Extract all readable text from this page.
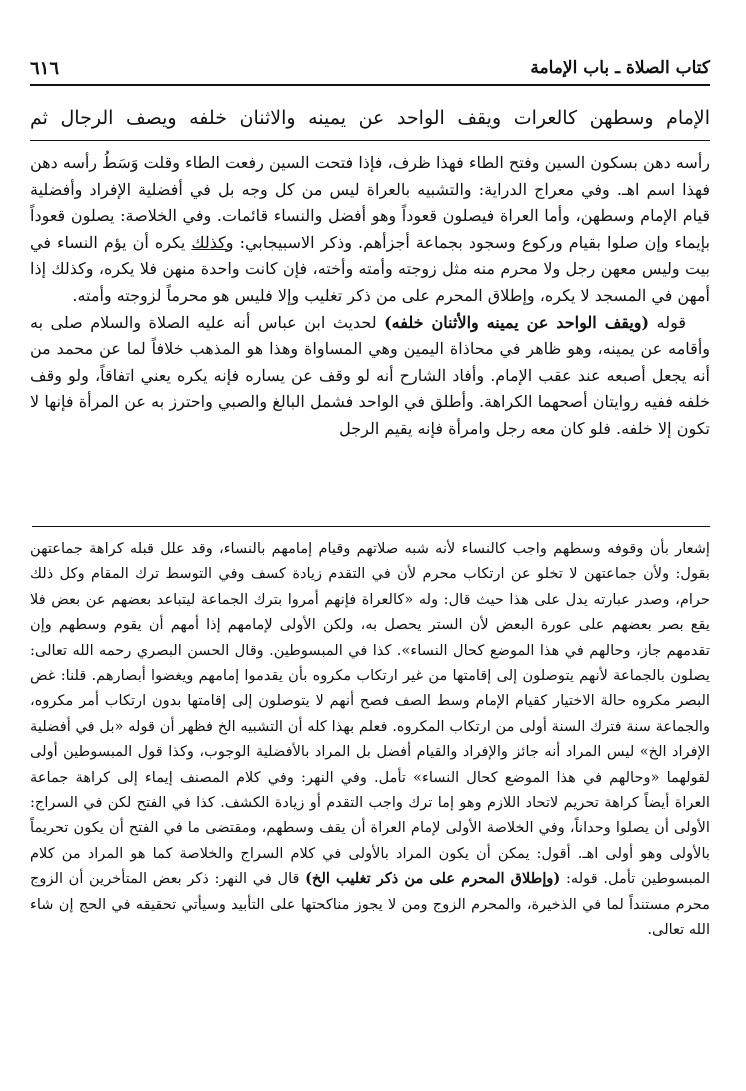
كتاب الصلاة ـ باب الإمامة
٦١٦
الإمام وسطهن كالعرات ويقف الواحد عن يمينه والاثنان خلفه ويصف الرجال ثم

رأسه دهن بسكون السين وفتح الطاء فهذا ظرف، فإذا فتحت السين رفعت الطاء وقلت وَسَطُ رأسه دهن فهذا اسم اهـ. وفي معراج الدراية: والتشبيه بالعراة ليس من كل وجه بل في أفضلية الإفراد وأفضلية قيام الإمام وسطهن، وأما العراة فيصلون قعوداً وهو أفضل والنساء قائمات. وفي الخلاصة: يصلون قعوداً بإيماء وإن صلوا بقيام وركوع وسجود بجماعة أجزأهم. وذكر الاسبيجابي: وكذلك يكره أن يؤم النساء في بيت وليس معهن رجل ولا محرم منه مثل زوجته وأمته وأخته، فإن كانت واحدة منهن فلا يكره، وكذلك إذا أمهن في المسجد لا يكره، وإطلاق المحرم على من ذكر تغليب وإلا فليس هو محرماً لزوجته وأمته.

قوله (ويقف الواحد عن يمينه والأثنان خلفه) لحديث ابن عباس أنه عليه الصلاة والسلام صلى به وأقامه عن يمينه، وهو ظاهر في محاذاة اليمين وهي المساواة وهذا هو المذهب خلافاً لما عن محمد من أنه يجعل أصبعه عند عقب الإمام. وأفاد الشارح أنه لو وقف عن يساره فإنه يكره يعني اتفاقاً، ولو وقف خلفه ففيه روايتان أصحهما الكراهة. وأطلق في الواحد فشمل البالغ والصبي واحترز به عن المرأة فإنها لا تكون إلا خلفه. فلو كان معه رجل وامرأة فإنه يقيم الرجل

إشعار بأن وقوفه وسطهم واجب كالنساء لأنه شبه صلاتهم وقيام إمامهم بالنساء، وقد علل قبله كراهة جماعتهن بقول: ولأن جماعتهن لا تخلو عن ارتكاب محرم لأن في التقدم زيادة كسف وفي التوسط ترك المقام وكل ذلك حرام، وصدر عبارته يدل على هذا حيث قال: وله «كالعراة فإنهم أمروا بترك الجماعة ليتباعد بعضهم عن بعض فلا يقع بصر بعضهم على عورة البعض لأن الستر يحصل به، ولكن الأولى لإمامهم إذا أمهم أن يقوم وسطهم وإن تقدمهم جاز، وحالهم في هذا الموضع كحال النساء». كذا في المبسوطين. وقال الحسن البصري رحمه الله تعالى: يصلون بالجماعة لأنهم يتوصلون إلى إقامتها من غير ارتكاب مكروه بأن يقدموا إمامهم ويغضوا أبصارهم. قلنا: غض البصر مكروه حالة الاختيار كقيام الإمام وسط الصف فصح أنهم لا يتوصلون إلى إقامتها بدون ارتكاب أمر مكروه، والجماعة سنة فترك السنة أولى من ارتكاب المكروه. فعلم بهذا كله أن التشبيه الخ فظهر أن قوله «بل في أفضلية الإفراد الخ» ليس المراد أنه جائز والإفراد والقيام أفضل بل المراد بالأفضلية الوجوب، وكذا قول المبسوطين أولى لقولهما «وحالهم في هذا الموضع كحال النساء» تأمل. وفي النهر: وفي كلام المصنف إيماء إلى كراهة جماعة العراة أيضاً كراهة تحريم لاتحاد اللازم وهو إما ترك واجب التقدم أو زيادة الكشف. كذا في الفتح لكن في السراج: الأولى أن يصلوا وحداناً، وفي الخلاصة الأولى لإمام العراة أن يقف وسطهم، ومقتضى ما في الفتح أن يكون تحريماً بالأولى وهو أولى اهـ. أقول: يمكن أن يكون المراد بالأولى في كلام السراج والخلاصة كما هو المراد من كلام المبسوطين تأمل. قوله: (وإطلاق المحرم على من ذكر تغليب الخ) قال في النهر: ذكر بعض المتأخرين أن الزوج محرم مستنداً لما في الذخيرة، والمحرم الزوج ومن لا يجوز مناكحتها على التأبيد وسيأتي تحقيقه في الحج إن شاء الله تعالى.
